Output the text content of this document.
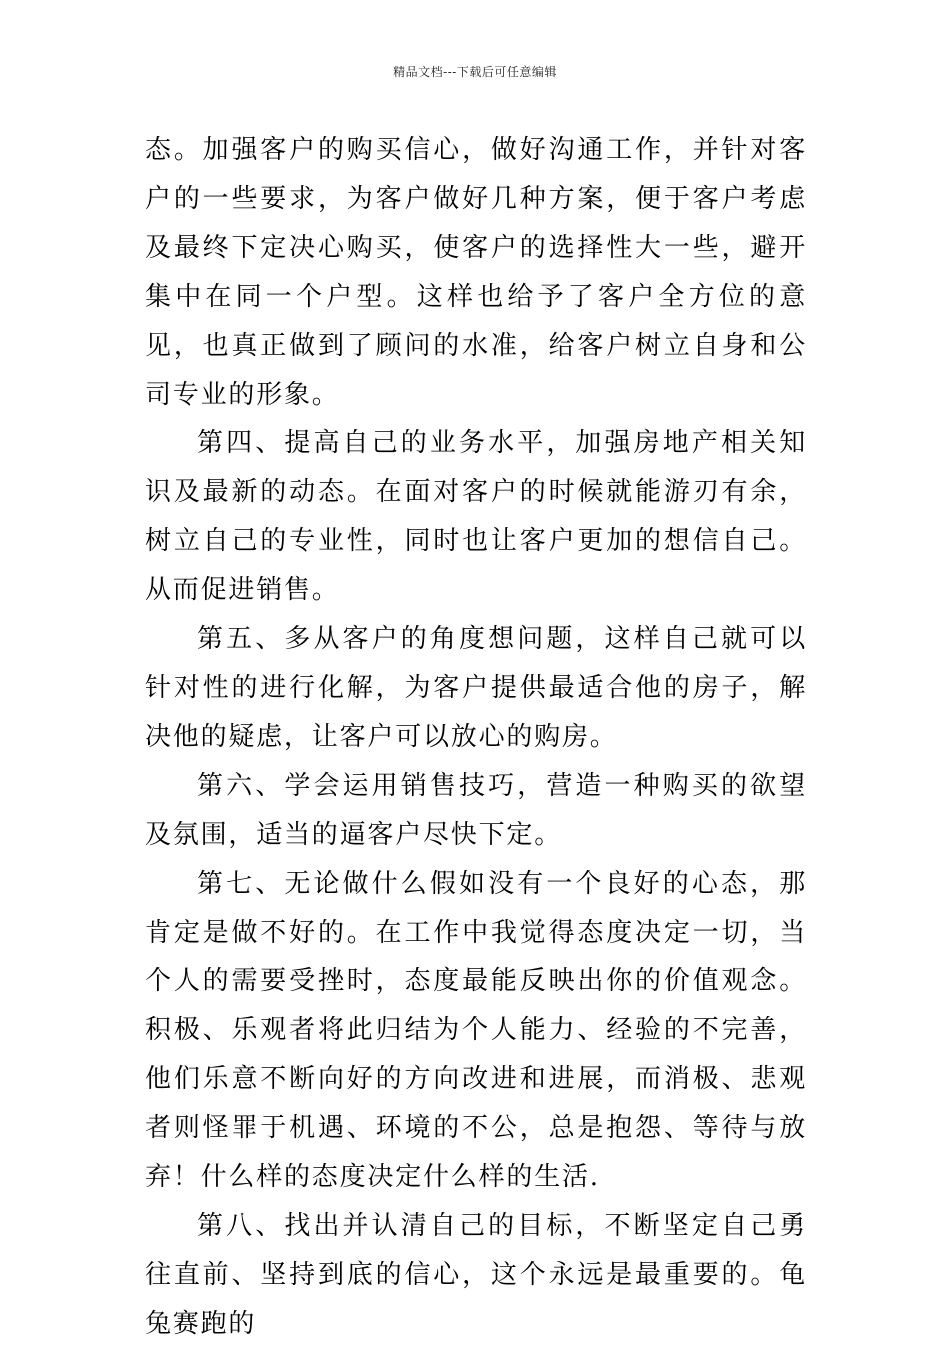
精品文档---下载后可任意编辑

态。加强客户的购买信心，做好沟通工作，并针对客户的一些要求，为客户做好几种方案，便于客户考虑及最终下定决心购买，使客户的选择性大一些，避开集中在同一个户型。这样也给予了客户全方位的意见，也真正做到了顾问的水准，给客户树立自身和公司专业的形象。

第四、提高自己的业务水平，加强房地产相关知识及最新的动态。在面对客户的时候就能游刃有余，树立自己的专业性，同时也让客户更加的想信自己。从而促进销售。

第五、多从客户的角度想问题，这样自己就可以针对性的进行化解，为客户提供最适合他的房子，解决他的疑虑，让客户可以放心的购房。

第六、学会运用销售技巧，营造一种购买的欲望及氛围，适当的逼客户尽快下定。

第七、无论做什么假如没有一个良好的心态，那肯定是做不好的。在工作中我觉得态度决定一切，当个人的需要受挫时，态度最能反映出你的价值观念。积极、乐观者将此归结为个人能力、经验的不完善，他们乐意不断向好的方向改进和进展，而消极、悲观者则怪罪于机遇、环境的不公，总是抱怨、等待与放弃！什么样的态度决定什么样的生活.

第八、找出并认清自己的目标，不断坚定自己勇往直前、坚持到底的信心，这个永远是最重要的。龟兔赛跑的
